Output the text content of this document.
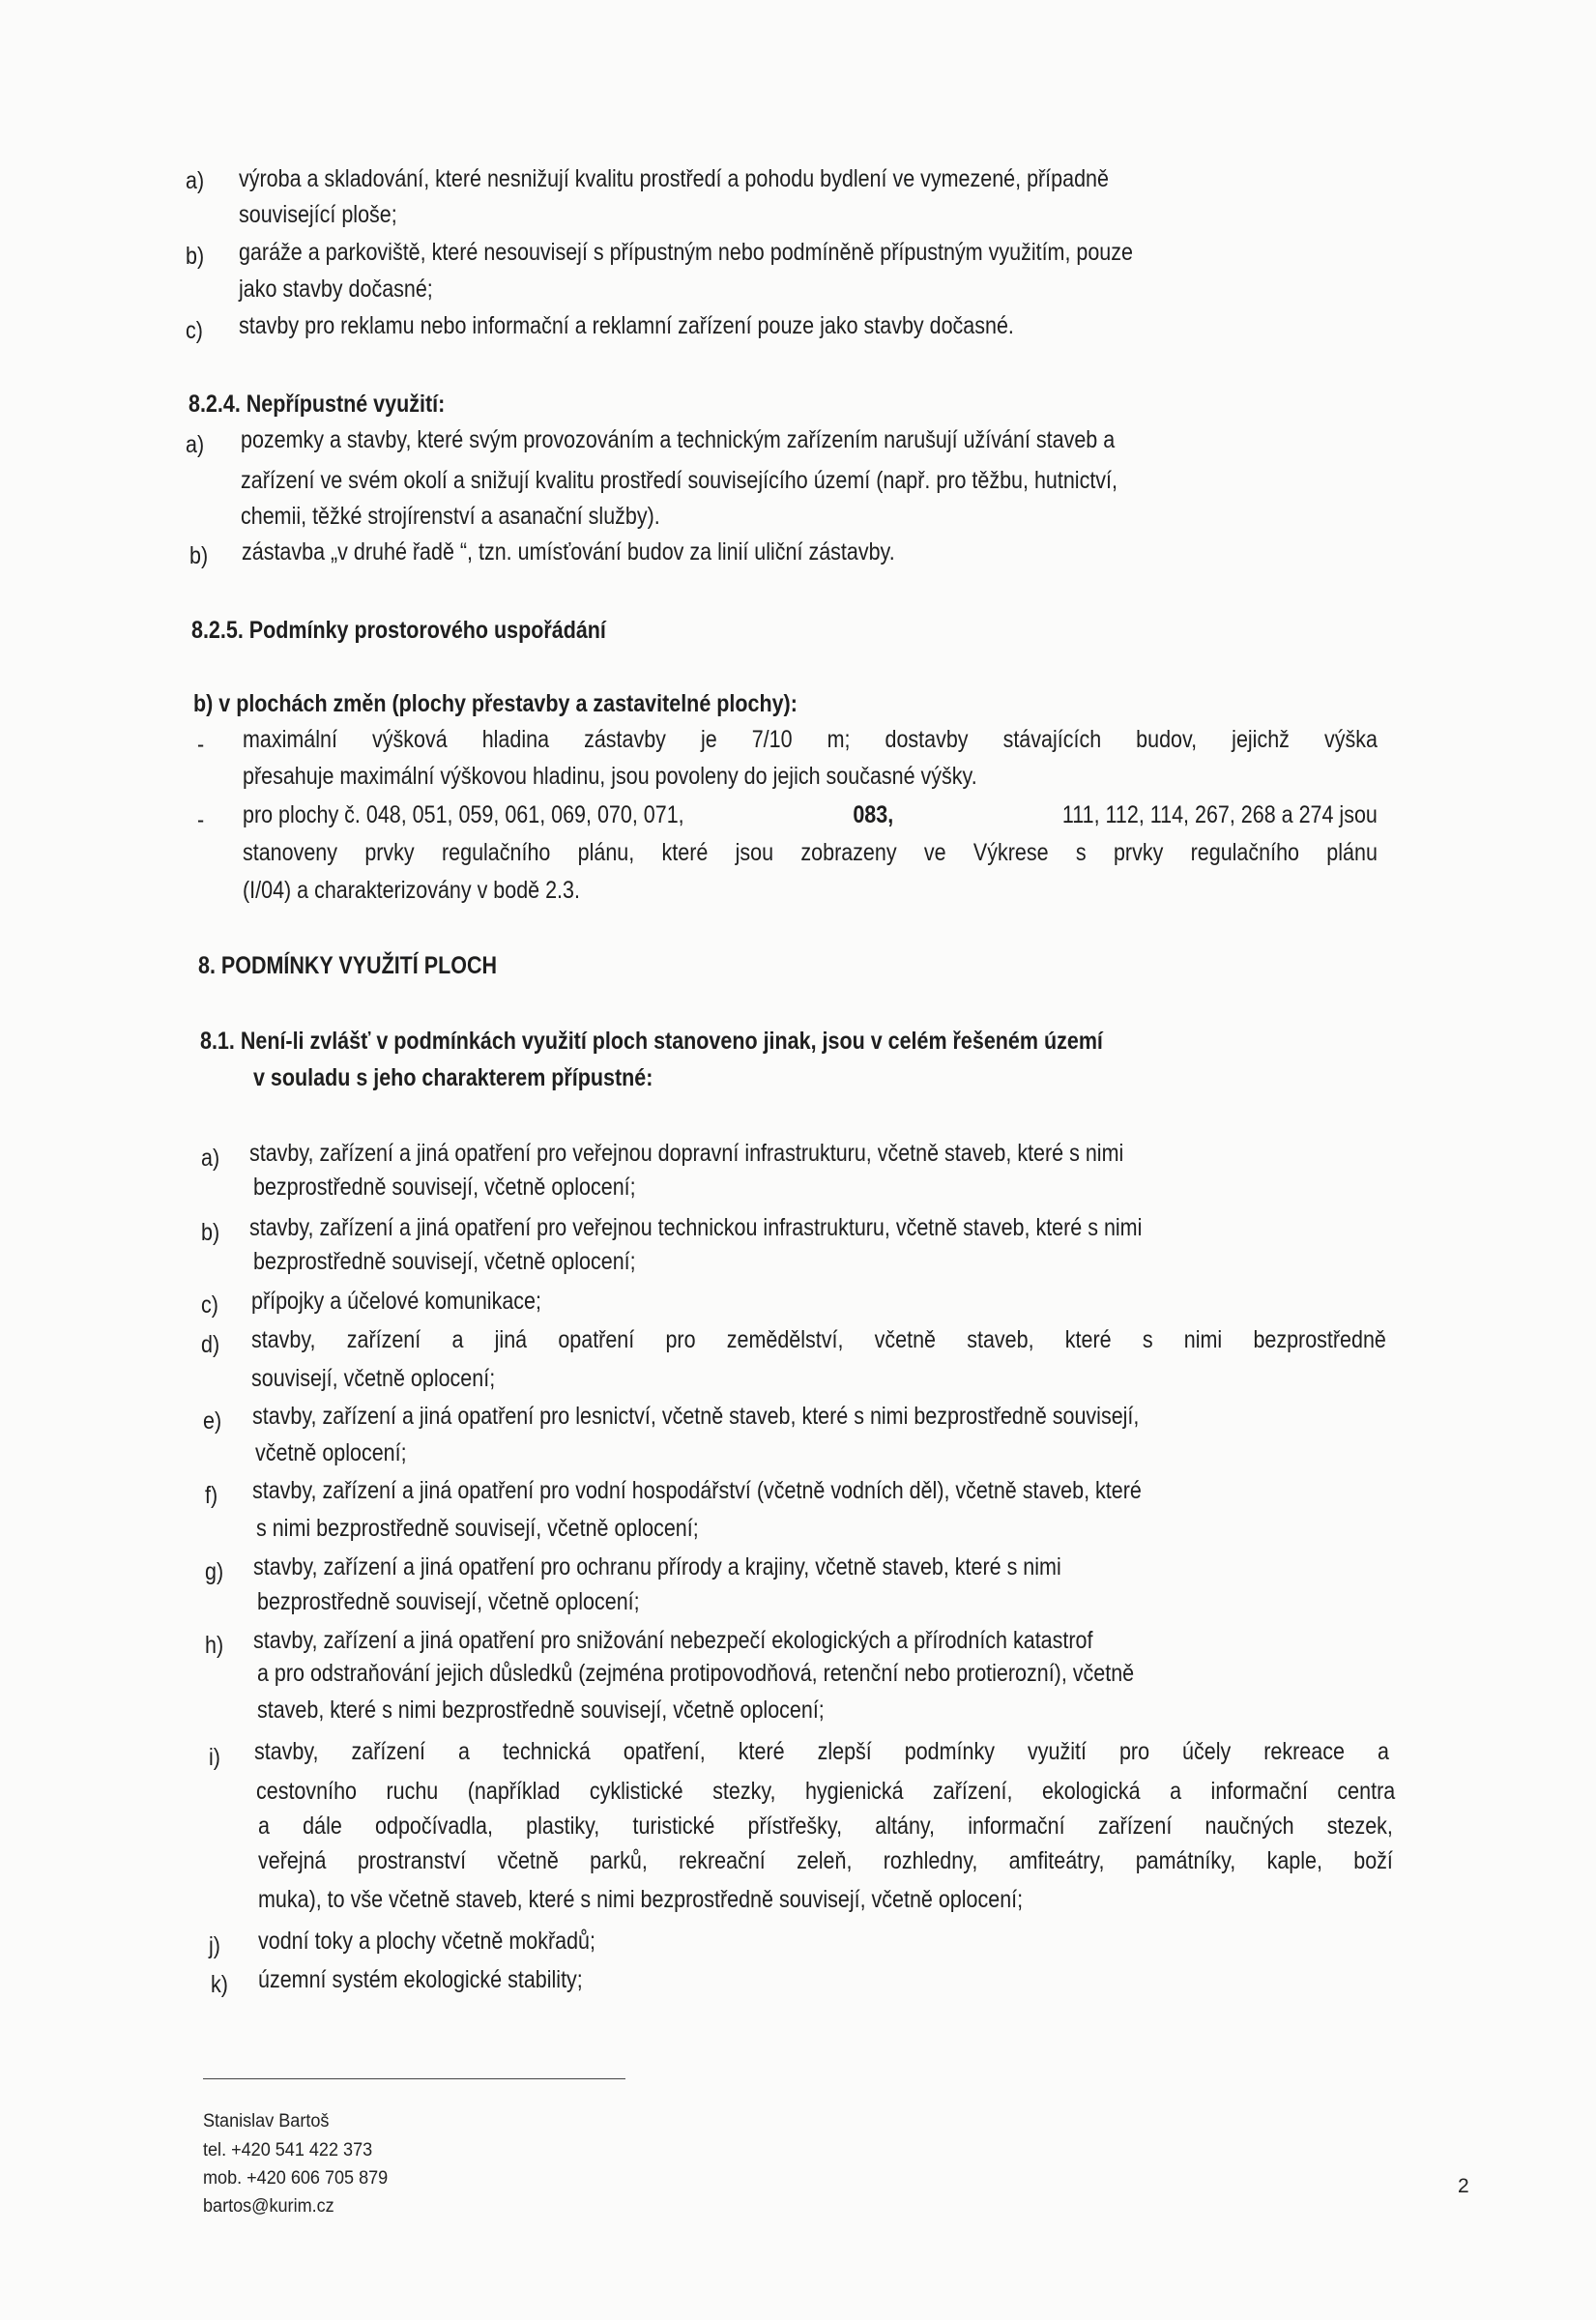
a) výroba a skladování, které nesnižují kvalitu prostředí a pohodu bydlení ve vymezené, případně
související ploše;
b) garáže a parkoviště, které nesouvisejí s přípustným nebo podmíněně přípustným využitím, pouze
jako stavby dočasné;
c) stavby pro reklamu nebo informační a reklamní zařízení pouze jako stavby dočasné.
8.2.4. Nepřípustné využití:
a) pozemky a stavby, které svým provozováním a technickým zařízením narušují užívání staveb a
zařízení ve svém okolí a snižují kvalitu prostředí souvisejícího území (např. pro těžbu, hutnictví,
chemii, těžké strojírenství a asanační služby).
b) zástavba „v druhé řadě “, tzn. umísťování budov za linií uliční zástavby.
8.2.5. Podmínky prostorového uspořádání
b) v plochách změn (plochy přestavby a zastavitelné plochy):
- maximální výšková hladina zástavby je 7/10 m; dostavby stávajících budov, jejichž výška
přesahuje maximální výškovou hladinu, jsou povoleny do jejich současné výšky.
- pro plochy č. 048, 051, 059, 061, 069, 070, 071,	083,	111, 112, 114, 267, 268 a 274 jsou
stanoveny prvky regulačního plánu, které jsou zobrazeny ve Výkrese s prvky regulačního plánu
(I/04) a charakterizovány v bodě 2.3.
8. PODMÍNKY VYUŽITÍ PLOCH
8.1. Není-li zvlášť v podmínkách využití ploch stanoveno jinak, jsou v celém řešeném území
v souladu s jeho charakterem přípustné:
a) stavby, zařízení a jiná opatření pro veřejnou dopravní infrastrukturu, včetně staveb, které s nimi
bezprostředně souvisejí, včetně oplocení;
b) stavby, zařízení a jiná opatření pro veřejnou technickou infrastrukturu, včetně staveb, které s nimi
bezprostředně souvisejí, včetně oplocení;
c) přípojky a účelové komunikace;
d) stavby, zařízení a jiná opatření pro zemědělství, včetně staveb, které s nimi bezprostředně
souvisejí, včetně oplocení;
e) stavby, zařízení a jiná opatření pro lesnictví, včetně staveb, které s nimi bezprostředně souvisejí,
včetně oplocení;
f) stavby, zařízení a jiná opatření pro vodní hospodářství (včetně vodních děl), včetně staveb, které
s nimi bezprostředně souvisejí, včetně oplocení;
g) stavby, zařízení a jiná opatření pro ochranu přírody a krajiny, včetně staveb, které s nimi
bezprostředně souvisejí, včetně oplocení;
h) stavby, zařízení a jiná opatření pro snižování nebezpečí ekologických a přírodních katastrof
a pro odstraňování jejich důsledků (zejména protipovodňová, retenční nebo protierozní), včetně
staveb, které s nimi bezprostředně souvisejí, včetně oplocení;
i) stavby, zařízení a technická opatření, které zlepší podmínky využití pro účely rekreace a
cestovního ruchu (například cyklistické stezky, hygienická zařízení, ekologická a informační centra
a dále odpočívadla, plastiky, turistické přístřešky, altány, informační zařízení naučných stezek,
veřejná prostranství včetně parků, rekreační zeleň, rozhledny, amfiteátry, památníky, kaple, boží
muka), to vše včetně staveb, které s nimi bezprostředně souvisejí, včetně oplocení;
j) vodní toky a plochy včetně mokřadů;
k) územní systém ekologické stability;
Stanislav Bartoš
tel. +420 541 422 373
mob. +420 606 705 879
bartos@kurim.cz
2
